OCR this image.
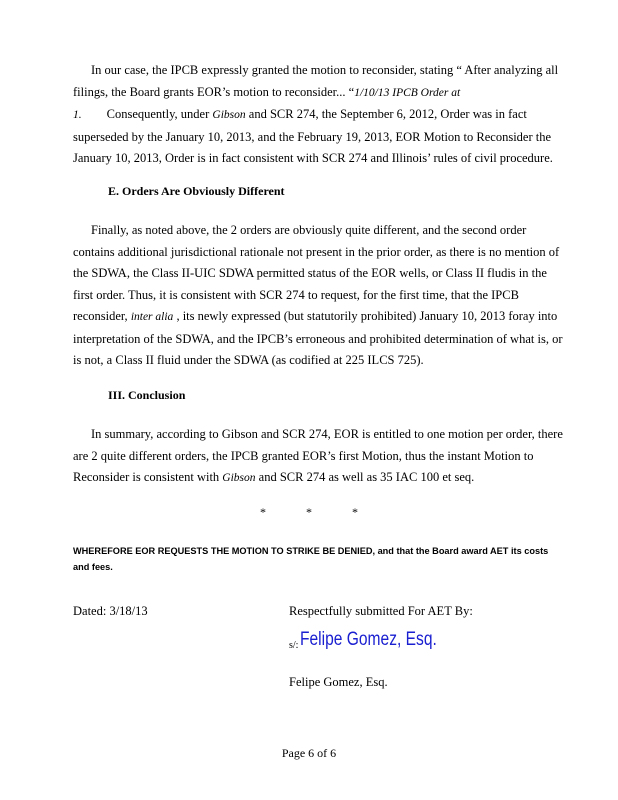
In our case, the IPCB expressly granted the motion to reconsider, stating “ After analyzing all filings, the Board grants EOR’s motion to reconsider... “1/10/13 IPCB Order at 1. Consequently, under Gibson and SCR 274, the September 6, 2012, Order was in fact superseded by the January 10, 2013, and the February 19, 2013, EOR Motion to Reconsider the January 10, 2013, Order is in fact consistent with SCR 274 and Illinois’ rules of civil procedure.

E. Orders Are Obviously Different

Finally, as noted above, the 2 orders are obviously quite different, and the second order contains additional jurisdictional rationale not present in the prior order, as there is no mention of the SDWA, the Class II-UIC SDWA permitted status of the EOR wells, or Class II fludis in the first order. Thus, it is consistent with SCR 274 to request, for the first time, that the IPCB reconsider, inter alia , its newly expressed (but statutorily prohibited) January 10, 2013 foray into interpretation of the SDWA, and the IPCB’s erroneous and prohibited determination of what is, or is not, a Class II fluid under the SDWA (as codified at 225 ILCS 725).

III. Conclusion

In summary, according to Gibson and SCR 274, EOR is entitled to one motion per order, there are 2 quite different orders, the IPCB granted EOR’s first Motion, thus the instant Motion to Reconsider is consistent with Gibson and SCR 274 as well as 35 IAC 100 et seq.

*	*	*

WHEREFORE EOR REQUESTS THE MOTION TO STRIKE BE DENIED, and that the Board award AET its costs and fees.

Dated: 3/18/13	Respectfully submitted For AET By:
$_{s/:}$ Felipe Gomez, Esq.
Felipe Gomez, Esq.
Page 6 of 6
